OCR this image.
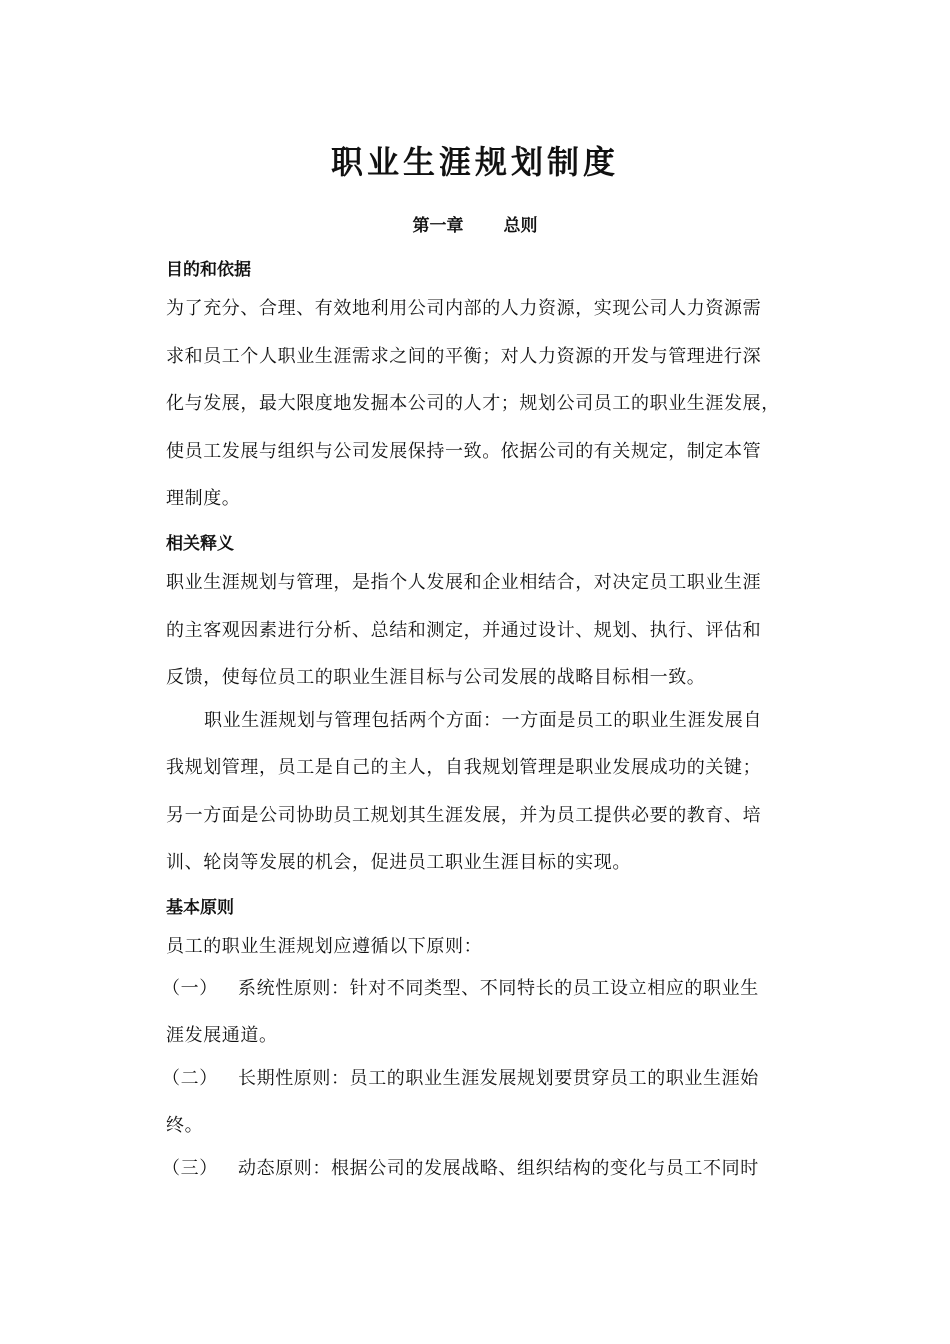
职业生涯规划制度
第一章 总则
目的和依据
为了充分、合理、有效地利用公司内部的人力资源，实现公司人力资源需
求和员工个人职业生涯需求之间的平衡；对人力资源的开发与管理进行深
化与发展，最大限度地发掘本公司的人才；规划公司员工的职业生涯发展，
使员工发展与组织与公司发展保持一致。依据公司的有关规定，制定本管
理制度。
相关释义
职业生涯规划与管理，是指个人发展和企业相结合，对决定员工职业生涯
的主客观因素进行分析、总结和测定，并通过设计、规划、执行、评估和
反馈，使每位员工的职业生涯目标与公司发展的战略目标相一致。
职业生涯规划与管理包括两个方面：一方面是员工的职业生涯发展自
我规划管理，员工是自己的主人，自我规划管理是职业发展成功的关键；
另一方面是公司协助员工规划其生涯发展，并为员工提供必要的教育、培
训、轮岗等发展的机会，促进员工职业生涯目标的实现。
基本原则
员工的职业生涯规划应遵循以下原则：
（一） 系统性原则：针对不同类型、不同特长的员工设立相应的职业生
涯发展通道。
（二） 长期性原则：员工的职业生涯发展规划要贯穿员工的职业生涯始
终。
（三） 动态原则：根据公司的发展战略、组织结构的变化与员工不同时
